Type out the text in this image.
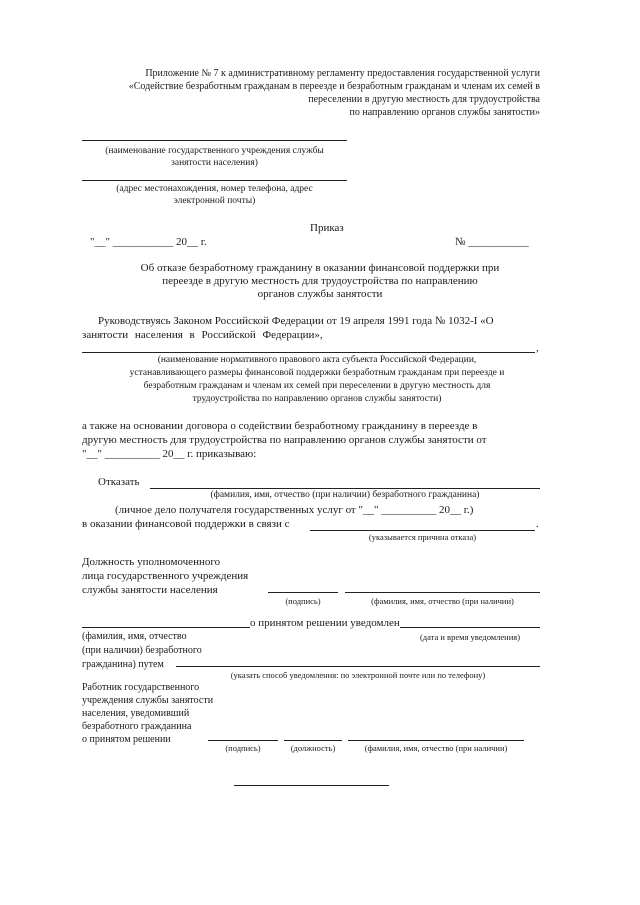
Приложение № 7 к административному регламенту предоставления государственной услуги
«Содействие безработным гражданам в переезде и безработным гражданам и членам их семей в
переселении в другую местность для трудоустройства
по направлению органов службы занятости»
(наименование государственного учреждения службы
занятости населения)
(адрес местонахождения, номер телефона, адрес
электронной почты)
Приказ
"__" ___________ 20__ г.	№ ___________
Об отказе безработному гражданину в оказании финансовой поддержки при
переезде в другую местность для трудоустройства по направлению
органов службы занятости
Руководствуясь Законом Российской Федерации от 19 апреля 1991 года № 1032-I «О
занятости населения в Российской Федерации»,
,
(наименование нормативного правового акта субъекта Российской Федерации,
устанавливающего размеры финансовой поддержки безработным гражданам при переезде и
безработным гражданам и членам их семей при переселении в другую местность для
трудоустройства по направлению органов службы занятости)
а также на основании договора о содействии безработному гражданину в переезде в
другую местность для трудоустройства по направлению органов службы занятости от
"__" __________ 20__ г. приказываю:
Отказать
(фамилия, имя, отчество (при наличии) безработного гражданина)
(личное дело получателя государственных услуг от "__" __________ 20__ г.)
в оказании финансовой поддержки в связи с	.
(указывается причина отказа)
Должность уполномоченного
лица государственного учреждения
службы занятости населения
(подпись)	(фамилия, имя, отчество (при наличии)
о принятом решении уведомлен
(дата и время уведомления)
(фамилия, имя, отчество
(при наличии) безработного
гражданина) путем
(указать способ уведомления: по электронной почте или по телефону)
Работник государственного
учреждения службы занятости
населения, уведомивший
безработного гражданина
о принятом решении
(подпись)	(должность)	(фамилия, имя, отчество (при наличии)
